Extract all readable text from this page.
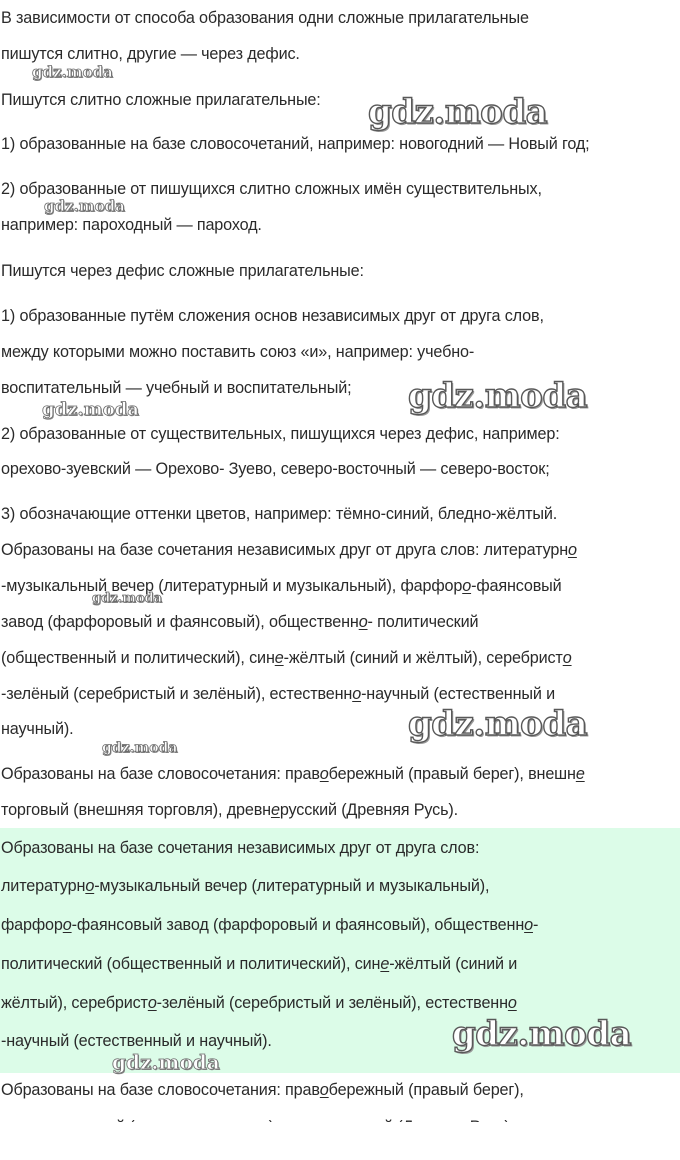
В зависимости от способа образования одни сложные прилагательные
пишутся слитно, другие — через дефис.
Пишутся слитно сложные прилагательные:
1) образованные на базе словосочетаний, например: новогодний — Новый год;
2) образованные от пишущихся слитно сложных имён существительных,
например: пароходный — пароход.
Пишутся через дефис сложные прилагательные:
1) образованные путём сложения основ независимых друг от друга слов,
между которыми можно поставить союз «и», например: учебно-
воспитательный — учебный и воспитательный;
2) образованные от существительных, пишущихся через дефис, например:
орехово-зуевский — Орехово- Зуево, северо-восточный — северо-восток;
3) обозначающие оттенки цветов, например: тёмно-синий, бледно-жёлтый.
Образованы на базе сочетания независимых друг от друга слов: литературно
-музыкальный вечер (литературный и музыкальный), фарфоро-фаянсовый
завод (фарфоровый и фаянсовый), общественно- политический
(общественный и политический), сине-жёлтый (синий и жёлтый), серебристо
-зелёный (серебристый и зелёный), естественно-научный (естественный и
научный).
Образованы на базе словосочетания: правобережный (правый берег), внешне
торговый (внешняя торговля), древнерусский (Древняя Русь).
Образованы на базе сочетания независимых друг от друга слов:
литературно-музыкальный вечер (литературный и музыкальный),
фарфоро-фаянсовый завод (фарфоровый и фаянсовый), общественно-
политический (общественный и политический), сине-жёлтый (синий и
жёлтый), серебристо-зелёный (серебристый и зелёный), естественно
-научный (естественный и научный).
Образованы на базе словосочетания: правобережный (правый берег),
gdz.moda
gdz.moda
gdz.moda
gdz.moda
gdz.moda
gdz.moda
gdz.moda
gdz.moda
gdz.moda
gdz.moda
